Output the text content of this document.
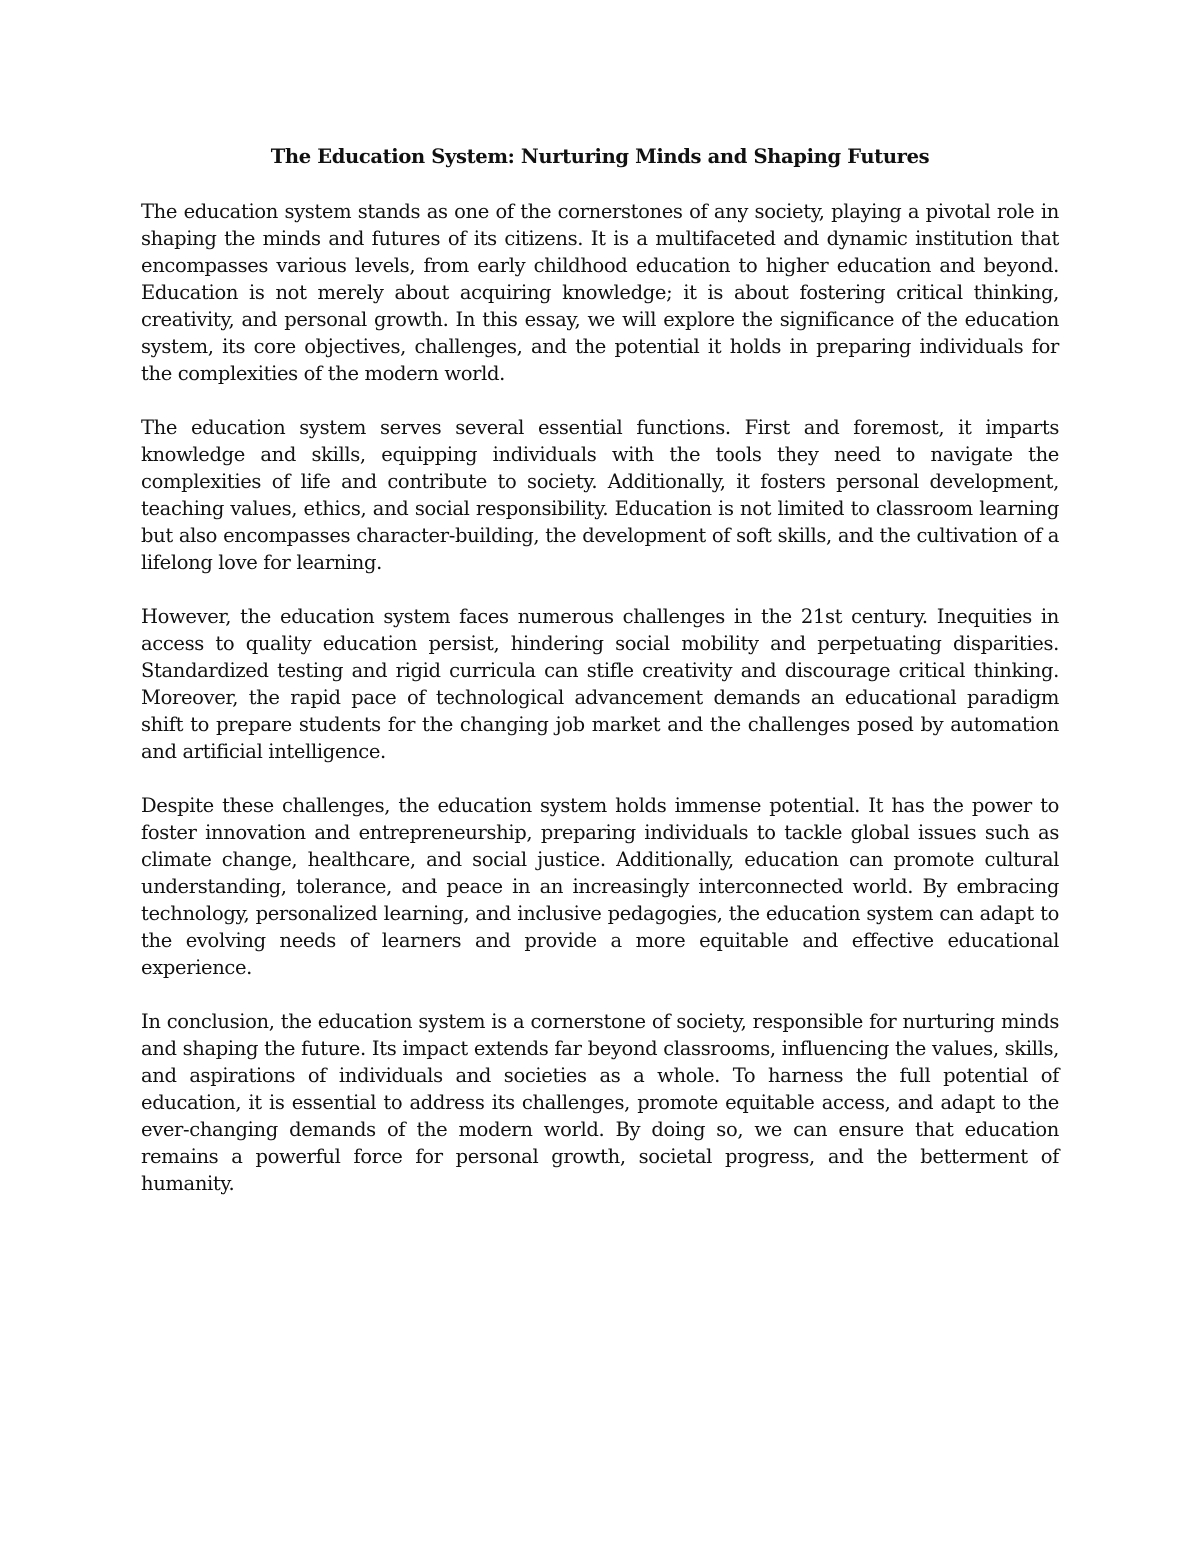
The Education System: Nurturing Minds and Shaping Futures

The education system stands as one of the cornerstones of any society, playing a pivotal role in shaping the minds and futures of its citizens. It is a multifaceted and dynamic institution that encompasses various levels, from early childhood education to higher education and beyond. Education is not merely about acquiring knowledge; it is about fostering critical thinking, creativity, and personal growth. In this essay, we will explore the significance of the education system, its core objectives, challenges, and the potential it holds in preparing individuals for the complexities of the modern world.

The education system serves several essential functions. First and foremost, it imparts knowledge and skills, equipping individuals with the tools they need to navigate the complexities of life and contribute to society. Additionally, it fosters personal development, teaching values, ethics, and social responsibility. Education is not limited to classroom learning but also encompasses character-building, the development of soft skills, and the cultivation of a lifelong love for learning.

However, the education system faces numerous challenges in the 21st century. Inequities in access to quality education persist, hindering social mobility and perpetuating disparities. Standardized testing and rigid curricula can stifle creativity and discourage critical thinking. Moreover, the rapid pace of technological advancement demands an educational paradigm shift to prepare students for the changing job market and the challenges posed by automation and artificial intelligence.

Despite these challenges, the education system holds immense potential. It has the power to foster innovation and entrepreneurship, preparing individuals to tackle global issues such as climate change, healthcare, and social justice. Additionally, education can promote cultural understanding, tolerance, and peace in an increasingly interconnected world. By embracing technology, personalized learning, and inclusive pedagogies, the education system can adapt to the evolving needs of learners and provide a more equitable and effective educational experience.

In conclusion, the education system is a cornerstone of society, responsible for nurturing minds and shaping the future. Its impact extends far beyond classrooms, influencing the values, skills, and aspirations of individuals and societies as a whole. To harness the full potential of education, it is essential to address its challenges, promote equitable access, and adapt to the ever-changing demands of the modern world. By doing so, we can ensure that education remains a powerful force for personal growth, societal progress, and the betterment of humanity.
